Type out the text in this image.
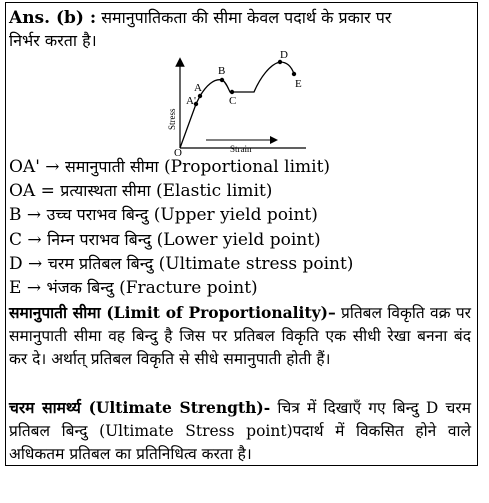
Ans. (b) : समानुपातिकता की सीमा केवल पदार्थ के प्रकार पर
निर्भर करता है।
O
A'
A
B
C
D
E
Strain
Stress
OA' → समानुपाती सीमा (Proportional limit)
OA = प्रत्यास्थता सीमा (Elastic limit)
B → उच्च पराभव बिन्दु (Upper yield point)
C → निम्न पराभव बिन्दु (Lower yield point)
D → चरम प्रतिबल बिन्दु (Ultimate stress point)
E → भंजक बिन्दु (Fracture point)
समानुपाती सीमा (Limit of Proportionality)– प्रतिबल विकृति वक्र पर समानुपाती सीमा वह बिन्दु है जिस पर प्रतिबल विकृति एक सीधी रेखा बनना बंद कर दे। अर्थात् प्रतिबल विकृति से सीधे समानुपाती होती हैं।
चरम सामर्थ्य (Ultimate Strength)- चित्र में दिखाएँ गए बिन्दु D चरम प्रतिबल बिन्दु (Ultimate Stress point)पदार्थ में विकसित होने वाले अधिकतम प्रतिबल का प्रतिनिधित्व करता है।
